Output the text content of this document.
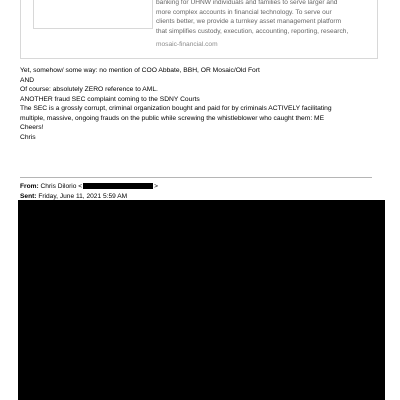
banking for UHNW individuals and families to serve larger and
more complex accounts in financial technology. To serve our
clients better, we provide a turnkey asset management platform
that simplifies custody, execution, accounting, reporting, research,
mosaic-financial.com
Yet, somehow/ some way: no mention of COO Abbate, BBH, OR Mosaic/Old Fort
AND
Of course: absolutely ZERO reference to AML.
ANOTHER fraud SEC complaint coming to the SDNY Courts
The SEC is a grossly corrupt, criminal organization bought and paid for by criminals ACTIVELY facilitating
multiple, massive, ongoing frauds on the public while screwing the whistleblower who caught them: ME
Cheers!
Chris
From: Chris Dilorio <	>
Sent: Friday, June 11, 2021 5:59 AM
